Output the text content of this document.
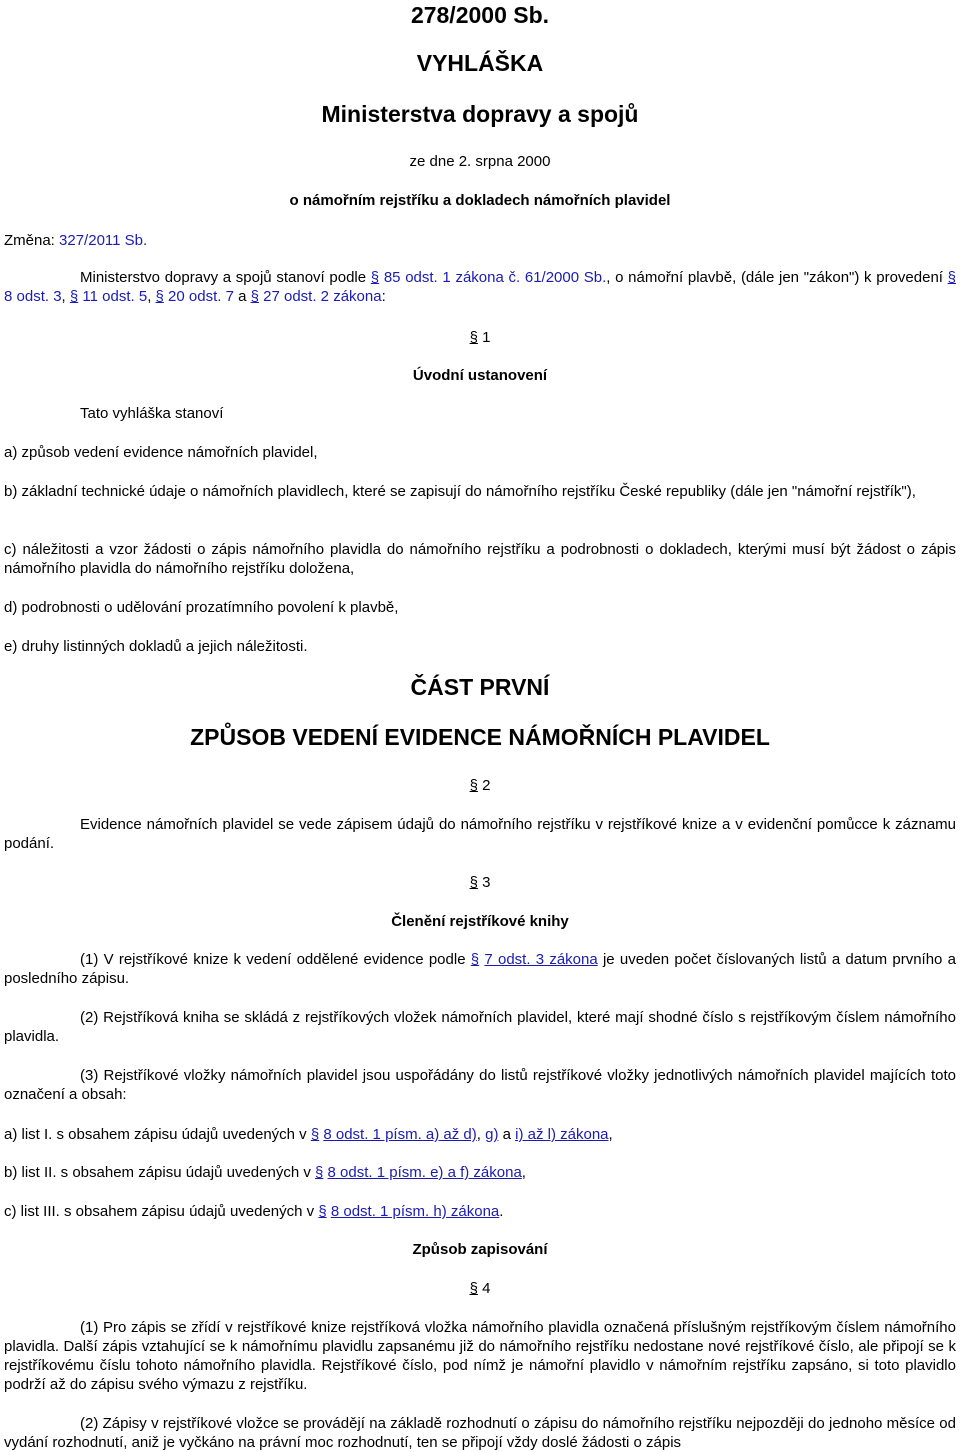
278/2000 Sb.
VYHLÁŠKA
Ministerstva dopravy a spojů
ze dne 2. srpna 2000
o námořním rejstříku a dokladech námořních plavidel
Změna: 327/2011 Sb.
Ministerstvo dopravy a spojů stanoví podle § 85 odst. 1 zákona č. 61/2000 Sb., o námořní plavbě, (dále jen "zákon") k provedení § 8 odst. 3, § 11 odst. 5, § 20 odst. 7 a § 27 odst. 2 zákona:
§ 1
Úvodní ustanovení
Tato vyhláška stanoví
a) způsob vedení evidence námořních plavidel,
b) základní technické údaje o námořních plavidlech, které se zapisují do námořního rejstříku České republiky (dále jen "námořní rejstřík"),
c) náležitosti a vzor žádosti o zápis námořního plavidla do námořního rejstříku a podrobnosti o dokladech, kterými musí být žádost o zápis námořního plavidla do námořního rejstříku doložena,
d) podrobnosti o udělování prozatímního povolení k plavbě,
e) druhy listinných dokladů a jejich náležitosti.
ČÁST PRVNÍ
ZPŮSOB VEDENÍ EVIDENCE NÁMOŘNÍCH PLAVIDEL
§ 2
Evidence námořních plavidel se vede zápisem údajů do námořního rejstříku v rejstříkové knize a v evidenční pomůcce k záznamu podání.
§ 3
Členění rejstříkové knihy
(1) V rejstříkové knize k vedení oddělené evidence podle § 7 odst. 3 zákona je uveden počet číslovaných listů a datum prvního a posledního zápisu.
(2) Rejstříková kniha se skládá z rejstříkových vložek námořních plavidel, které mají shodné číslo s rejstříkovým číslem námořního plavidla.
(3) Rejstříkové vložky námořních plavidel jsou uspořádány do listů rejstříkové vložky jednotlivých námořních plavidel majících toto označení a obsah:
a) list I. s obsahem zápisu údajů uvedených v § 8 odst. 1 písm. a) až d), g) a i) až l) zákona,
b) list II. s obsahem zápisu údajů uvedených v § 8 odst. 1 písm. e) a f) zákona,
c) list III. s obsahem zápisu údajů uvedených v § 8 odst. 1 písm. h) zákona.
Způsob zapisování
§ 4
(1) Pro zápis se zřídí v rejstříkové knize rejstříková vložka námořního plavidla označená příslušným rejstříkovým číslem námořního plavidla. Další zápis vztahující se k námořnímu plavidlu zapsanému již do námořního rejstříku nedostane nové rejstříkové číslo, ale připojí se k rejstříkovému číslu tohoto námořního plavidla. Rejstříkové číslo, pod nímž je námořní plavidlo v námořním rejstříku zapsáno, si toto plavidlo podrží až do zápisu svého výmazu z rejstříku.
(2) Zápisy v rejstříkové vložce se provádějí na základě rozhodnutí o zápisu do námořního rejstříku nejpozději do jednoho měsíce od vydání rozhodnutí, aniž je vyčkáno na právní moc rozhodnutí, ten se připojí vždy doslé žádosti o zápis
